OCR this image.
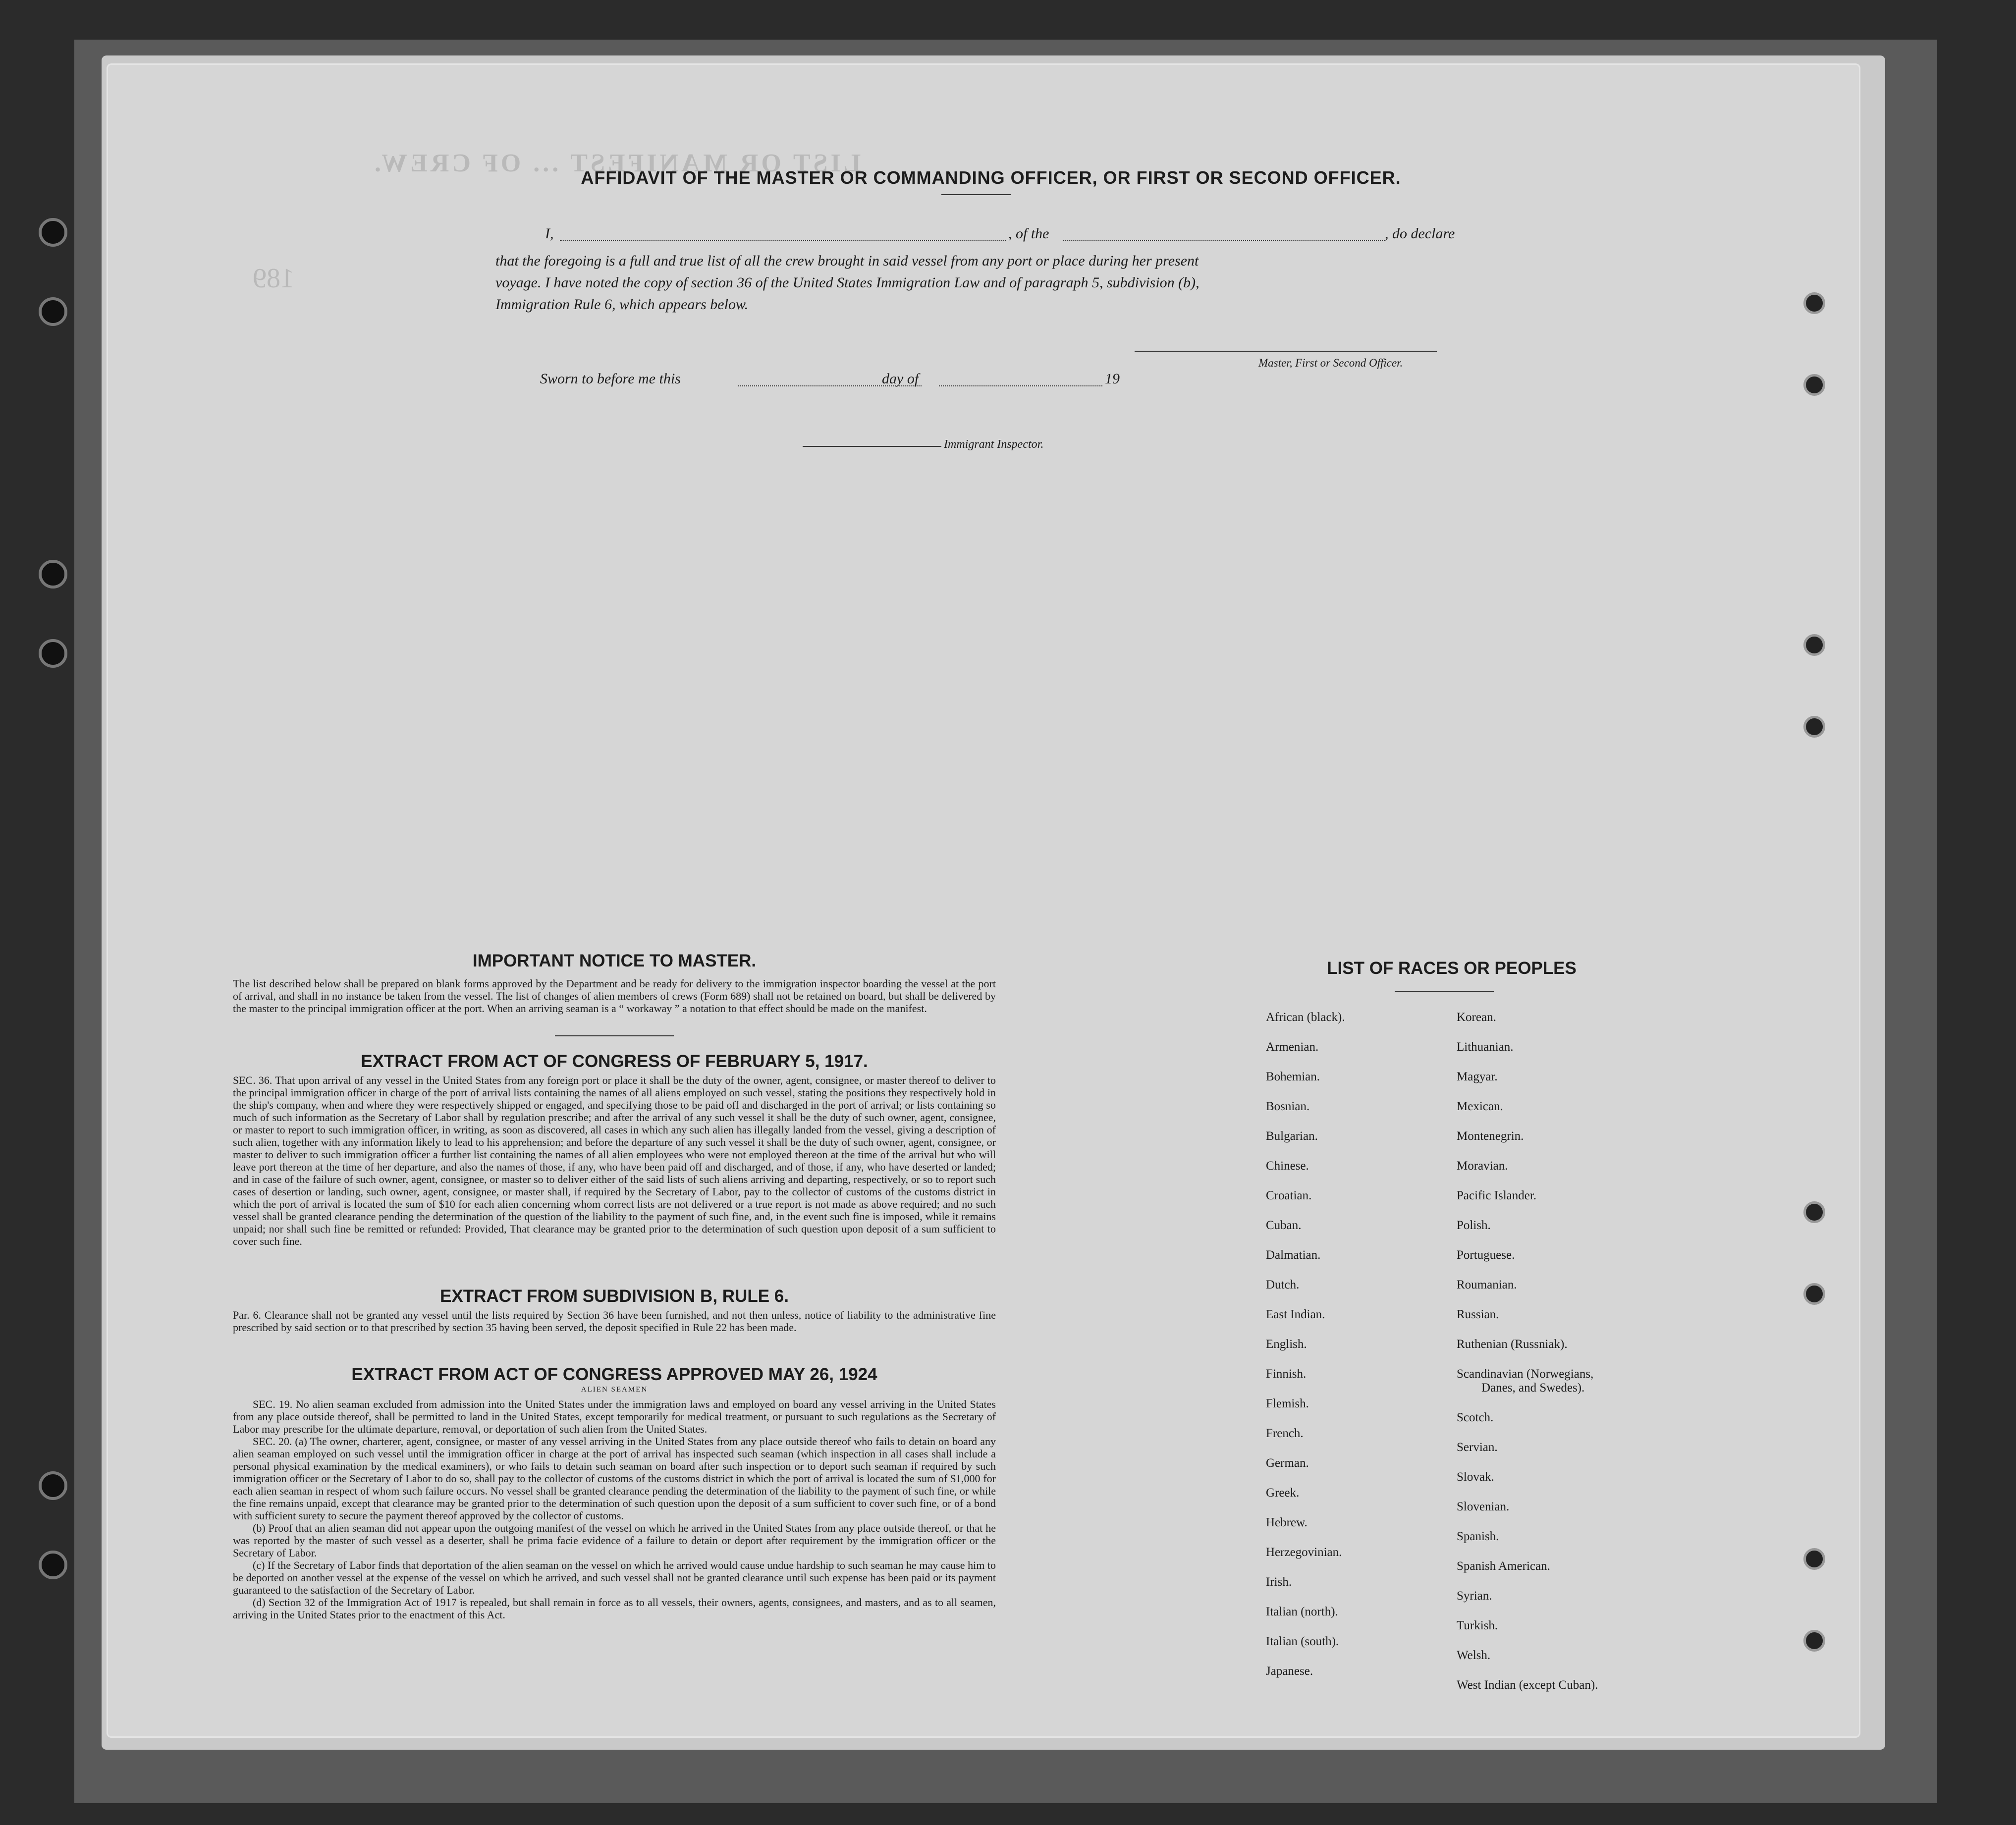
LIST OR MANIFEST ... OF CREW.
189
AFFIDAVIT OF THE MASTER OR COMMANDING OFFICER, OR FIRST OR SECOND OFFICER.
I,	, of the	, do declare
that the foregoing is a full and true list of all the crew brought in said vessel from any port or place during her present
voyage. I have noted the copy of section 36 of the United States Immigration Law and of paragraph 5, subdivision (b),
Immigration Rule 6, which appears below.
Master, First or Second Officer.
Sworn to before me this	day of	19
Immigrant Inspector.
IMPORTANT NOTICE TO MASTER.
The list described below shall be prepared on blank forms approved by the Department and be ready for delivery to the immigration inspector boarding the vessel at the port of arrival, and shall in no instance be taken from the vessel. The list of changes of alien members of crews (Form 689) shall not be retained on board, but shall be delivered by the master to the principal immigration officer at the port. When an arriving seaman is a “ workaway ” a notation to that effect should be made on the manifest.
EXTRACT FROM ACT OF CONGRESS OF FEBRUARY 5, 1917.
SEC. 36. That upon arrival of any vessel in the United States from any foreign port or place it shall be the duty of the owner, agent, consignee, or master thereof to deliver to the principal immigration officer in charge of the port of arrival lists containing the names of all aliens employed on such vessel, stating the positions they respectively hold in the ship's company, when and where they were respectively shipped or engaged, and specifying those to be paid off and discharged in the port of arrival; or lists containing so much of such information as the Secretary of Labor shall by regulation prescribe; and after the arrival of any such vessel it shall be the duty of such owner, agent, consignee, or master to report to such immigration officer, in writing, as soon as discovered, all cases in which any such alien has illegally landed from the vessel, giving a description of such alien, together with any information likely to lead to his apprehension; and before the departure of any such vessel it shall be the duty of such owner, agent, consignee, or master to deliver to such immigration officer a further list containing the names of all alien employees who were not employed thereon at the time of the arrival but who will leave port thereon at the time of her departure, and also the names of those, if any, who have been paid off and discharged, and of those, if any, who have deserted or landed; and in case of the failure of such owner, agent, consignee, or master so to deliver either of the said lists of such aliens arriving and departing, respectively, or so to report such cases of desertion or landing, such owner, agent, consignee, or master shall, if required by the Secretary of Labor, pay to the collector of customs of the customs district in which the port of arrival is located the sum of $10 for each alien concerning whom correct lists are not delivered or a true report is not made as above required; and no such vessel shall be granted clearance pending the determination of the question of the liability to the payment of such fine, and, in the event such fine is imposed, while it remains unpaid; nor shall such fine be remitted or refunded: Provided, That clearance may be granted prior to the determination of such question upon deposit of a sum sufficient to cover such fine.
EXTRACT FROM SUBDIVISION B, RULE 6.
Par. 6. Clearance shall not be granted any vessel until the lists required by Section 36 have been furnished, and not then unless, notice of liability to the administrative fine prescribed by said section or to that prescribed by section 35 having been served, the deposit specified in Rule 22 has been made.
EXTRACT FROM ACT OF CONGRESS APPROVED MAY 26, 1924
ALIEN SEAMEN
SEC. 19. No alien seaman excluded from admission into the United States under the immigration laws and employed on board any vessel arriving in the United States from any place outside thereof, shall be permitted to land in the United States, except temporarily for medical treatment, or pursuant to such regulations as the Secretary of Labor may prescribe for the ultimate departure, removal, or deportation of such alien from the United States.
SEC. 20. (a) The owner, charterer, agent, consignee, or master of any vessel arriving in the United States from any place outside thereof who fails to detain on board any alien seaman employed on such vessel until the immigration officer in charge at the port of arrival has inspected such seaman (which inspection in all cases shall include a personal physical examination by the medical examiners), or who fails to detain such seaman on board after such inspection or to deport such seaman if required by such immigration officer or the Secretary of Labor to do so, shall pay to the collector of customs of the customs district in which the port of arrival is located the sum of $1,000 for each alien seaman in respect of whom such failure occurs. No vessel shall be granted clearance pending the determination of the liability to the payment of such fine, or while the fine remains unpaid, except that clearance may be granted prior to the determination of such question upon the deposit of a sum sufficient to cover such fine, or of a bond with sufficient surety to secure the payment thereof approved by the collector of customs.
(b) Proof that an alien seaman did not appear upon the outgoing manifest of the vessel on which he arrived in the United States from any place outside thereof, or that he was reported by the master of such vessel as a deserter, shall be prima facie evidence of a failure to detain or deport after requirement by the immigration officer or the Secretary of Labor.
(c) If the Secretary of Labor finds that deportation of the alien seaman on the vessel on which he arrived would cause undue hardship to such seaman he may cause him to be deported on another vessel at the expense of the vessel on which he arrived, and such vessel shall not be granted clearance until such expense has been paid or its payment guaranteed to the satisfaction of the Secretary of Labor.
(d) Section 32 of the Immigration Act of 1917 is repealed, but shall remain in force as to all vessels, their owners, agents, consignees, and masters, and as to all seamen, arriving in the United States prior to the enactment of this Act.
LIST OF RACES OR PEOPLES
African (black).
Armenian.
Bohemian.
Bosnian.
Bulgarian.
Chinese.
Croatian.
Cuban.
Dalmatian.
Dutch.
East Indian.
English.
Finnish.
Flemish.
French.
German.
Greek.
Hebrew.
Herzegovinian.
Irish.
Italian (north).
Italian (south).
Japanese.
Korean.
Lithuanian.
Magyar.
Mexican.
Montenegrin.
Moravian.
Pacific Islander.
Polish.
Portuguese.
Roumanian.
Russian.
Ruthenian (Russniak).
Scandinavian (Norwegians,
Danes, and Swedes).
Scotch.
Servian.
Slovak.
Slovenian.
Spanish.
Spanish American.
Syrian.
Turkish.
Welsh.
West Indian (except Cuban).
